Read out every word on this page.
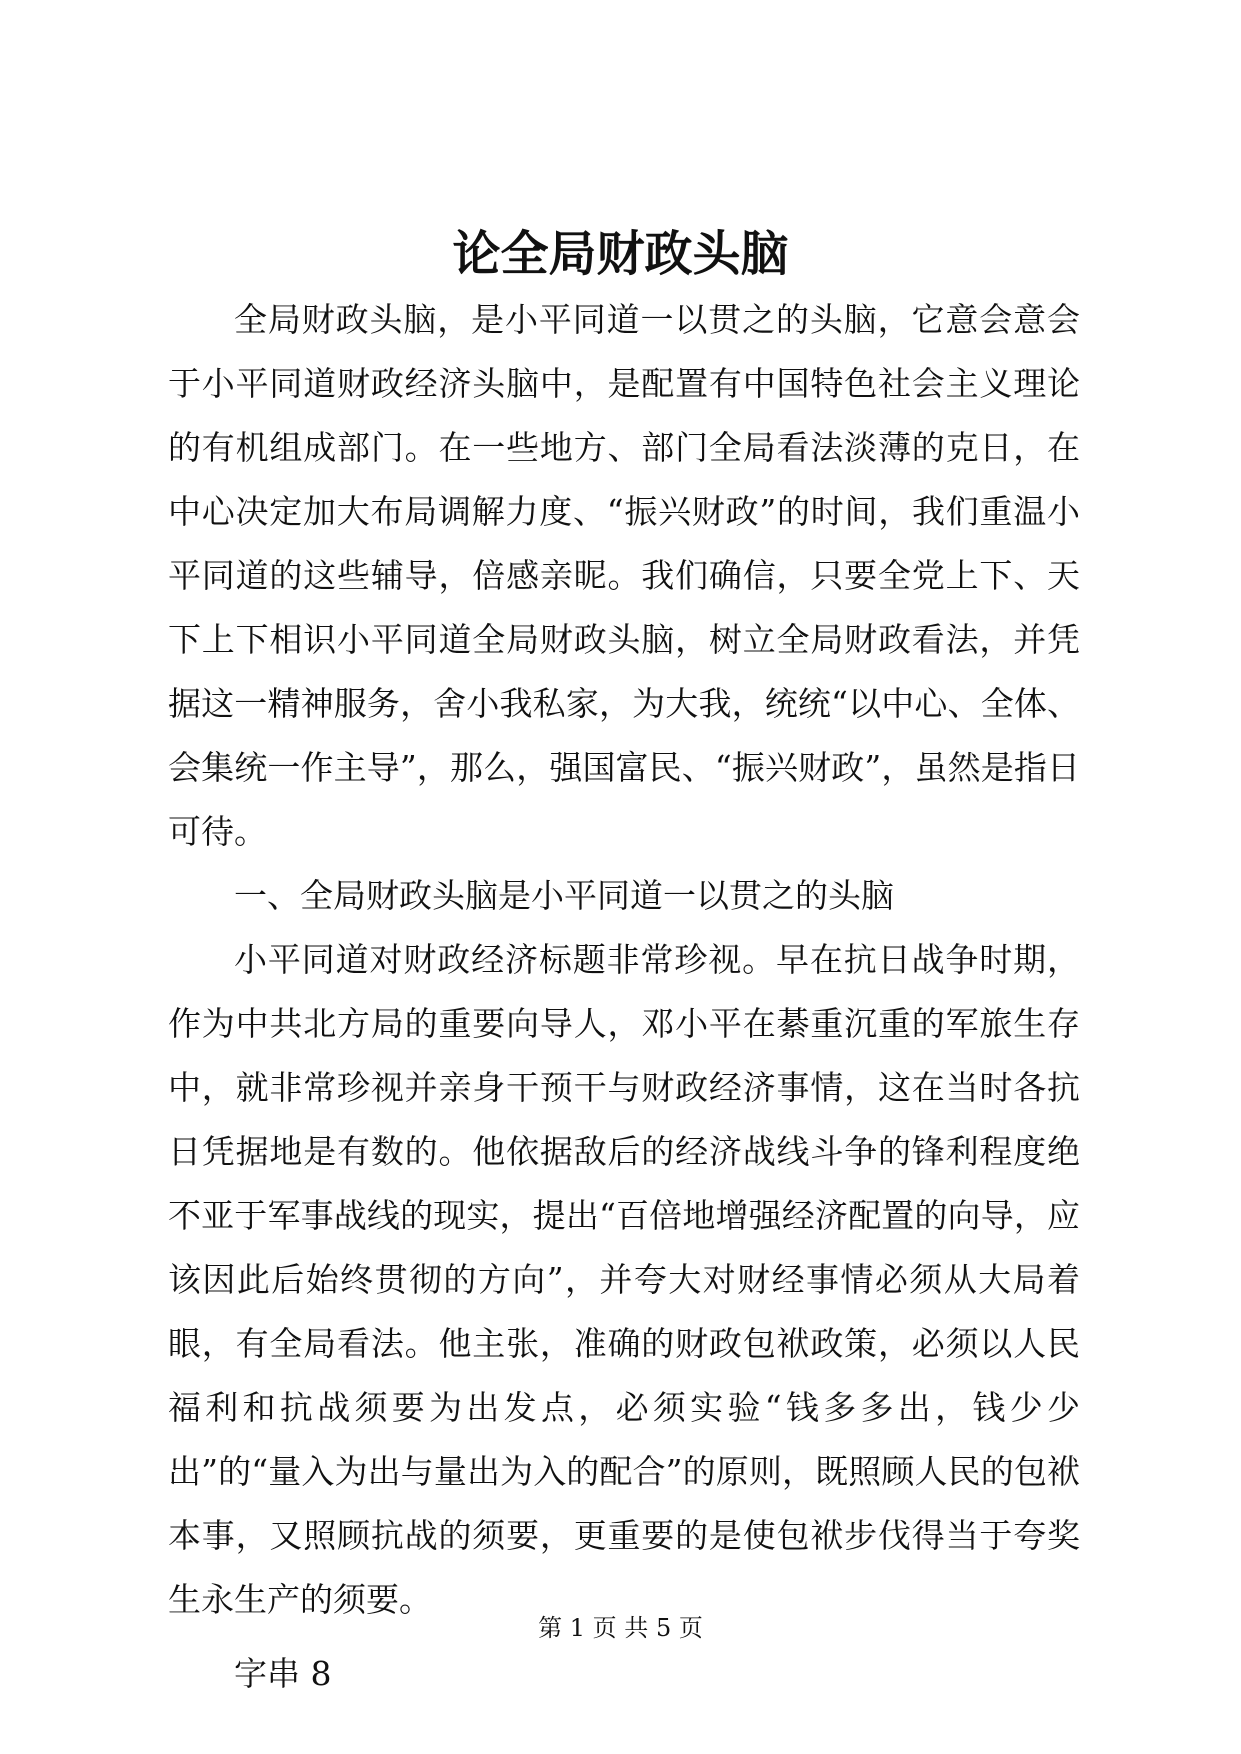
论全局财政头脑

全局财政头脑，是小平同道一以贯之的头脑，它意会意会于小平同道财政经济头脑中，是配置有中国特色社会主义理论的有机组成部门。在一些地方、部门全局看法淡薄的克日，在中心决定加大布局调解力度、“振兴财政”的时间，我们重温小平同道的这些辅导，倍感亲昵。我们确信，只要全党上下、天下上下相识小平同道全局财政头脑，树立全局财政看法，并凭据这一精神服务，舍小我私家，为大我，统统“以中心、全体、会集统一作主导”，那么，强国富民、“振兴财政”，虽然是指日可待。

一、全局财政头脑是小平同道一以贯之的头脑

小平同道对财政经济标题非常珍视。早在抗日战争时期，作为中共北方局的重要向导人，邓小平在綦重沉重的军旅生存中，就非常珍视并亲身干预干与财政经济事情，这在当时各抗日凭据地是有数的。他依据敌后的经济战线斗争的锋利程度绝不亚于军事战线的现实，提出“百倍地增强经济配置的向导，应该因此后始终贯彻的方向”，并夸大对财经事情必须从大局着眼，有全局看法。他主张，准确的财政包袱政策，必须以人民福利和抗战须要为出发点，必须实验“钱多多出，钱少少出”的“量入为出与量出为入的配合”的原则，既照顾人民的包袱本事，又照顾抗战的须要，更重要的是使包袱步伐得当于夸奖生永生产的须要。

字串 8

第 1 页 共 5 页
